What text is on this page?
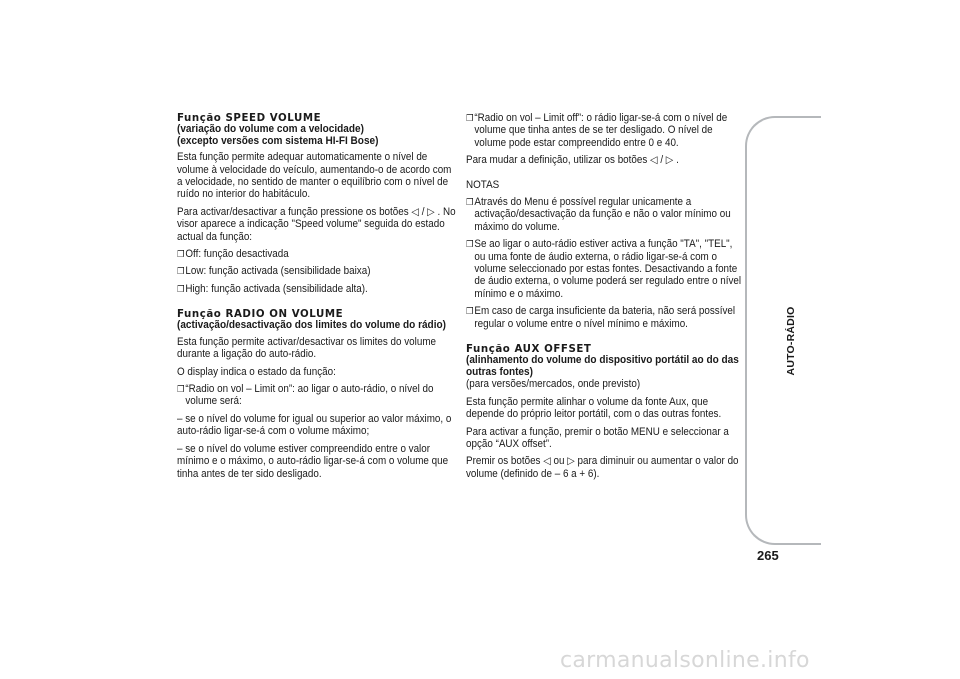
Função SPEED VOLUME
(variação do volume com a velocidade)
(excepto versões com sistema HI-FI Bose)

Esta função permite adequar automaticamente o nível de volume à velocidade do veículo, aumentando-o de acordo com a velocidade, no sentido de manter o equilíbrio com o nível de ruído no interior do habitáculo.

Para activar/desactivar a função pressione os botões ◁ / ▷ . No visor aparece a indicação "Speed volume" seguida do estado actual da função:

❒ Off: função desactivada
❒ Low: função activada (sensibilidade baixa)
❒ High: função activada (sensibilidade alta).
Função RADIO ON VOLUME
(activação/desactivação dos limites do volume do rádio)

Esta função permite activar/desactivar os limites do volume durante a ligação do auto-rádio.

O display indica o estado da função:

❒ “Radio on vol – Limit on”: ao ligar o auto-rádio, o nível do volume será:

– se o nível do volume for igual ou superior ao valor máximo, o auto-rádio ligar-se-á com o volume máximo;

– se o nível do volume estiver compreendido entre o valor mínimo e o máximo, o auto-rádio ligar-se-á com o volume que tinha antes de ter sido desligado.

❒ “Radio on vol – Limit off”: o rádio ligar-se-á com o nível de volume que tinha antes de se ter desligado. O nível de volume pode estar compreendido entre 0 e 40.

Para mudar a definição, utilizar os botões ◁ / ▷ .

NOTAS

❒ Através do Menu é possível regular unicamente a activação/desactivação da função e não o valor mínimo ou máximo do volume.
❒ Se ao ligar o auto-rádio estiver activa a função "TA", "TEL", ou uma fonte de áudio externa, o rádio ligar-se-á com o volume seleccionado por estas fontes. Desactivando a fonte de áudio externa, o volume poderá ser regulado entre o nível mínimo e o máximo.
❒ Em caso de carga insuficiente da bateria, não será possível regular o volume entre o nível mínimo e máximo.
Função AUX OFFSET
(alinhamento do volume do dispositivo portátil ao do das outras fontes)

(para versões/mercados, onde previsto)

Esta função permite alinhar o volume da fonte Aux, que depende do próprio leitor portátil, com o das outras fontes.

Para activar a função, premir o botão MENU e seleccionar a opção “AUX offset”.

Premir os botões ◁ ou ▷ para diminuir ou aumentar o valor do volume (definido de – 6 a + 6).

AUTO-RÁDIO
265
carmanualsonline.info
